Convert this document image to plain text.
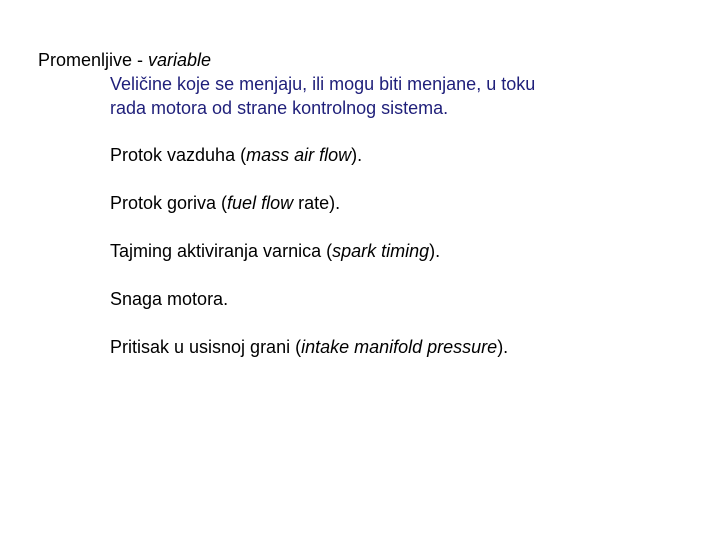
Promenljive - variable
Veličine koje se menjaju, ili mogu biti menjane, u toku
rada motora od strane kontrolnog sistema.
Protok vazduha (mass air flow).
Protok goriva (fuel flow rate).
Tajming aktiviranja varnica (spark timing).
Snaga motora.
Pritisak u usisnoj grani (intake manifold pressure).
